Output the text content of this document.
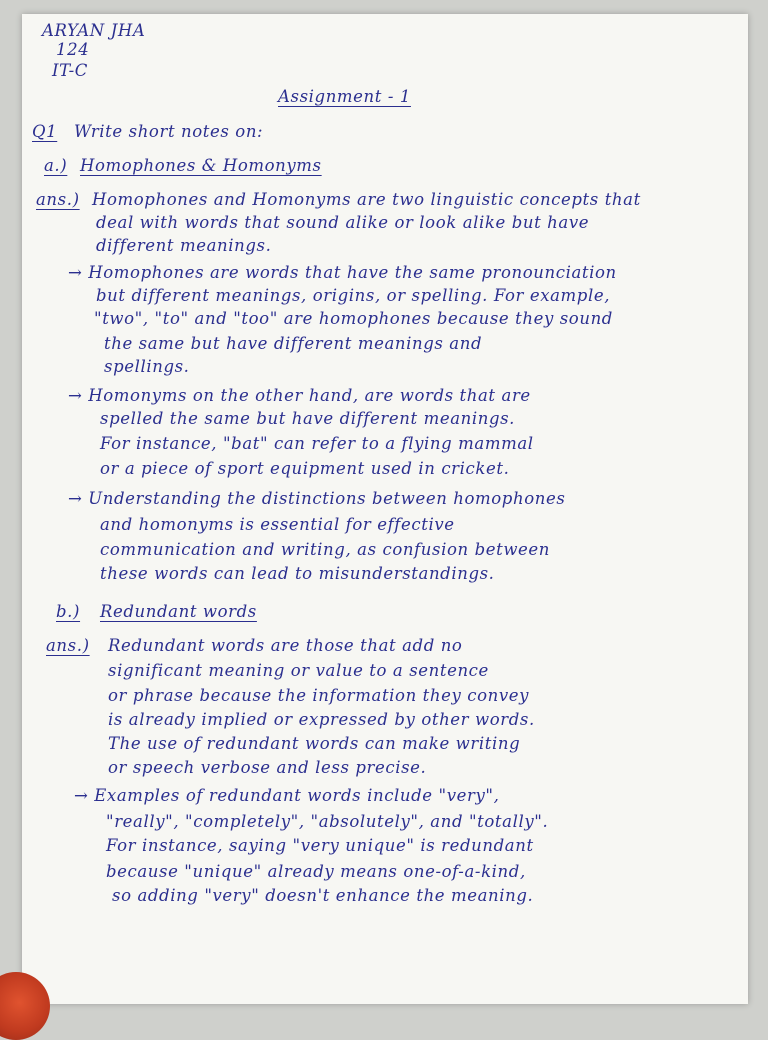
ARYAN JHA
124
IT-C
Assignment - 1
Q1 Write short notes on:
a.) Homophones & Homonyms
ans.) Homophones and Homonyms are two linguistic concepts that
deal with words that sound alike or look alike but have
different meanings.
→ Homophones are words that have the same pronounciation
but different meanings, origins, or spelling. For example,
"two", "to" and "too" are homophones because they sound
the same but have different meanings and
spellings.
→ Homonyms on the other hand, are words that are
spelled the same but have different meanings.
For instance, "bat" can refer to a flying mammal
or a piece of sport equipment used in cricket.
→ Understanding the distinctions between homophones
and homonyms is essential for effective
communication and writing, as confusion between
these words can lead to misunderstandings.
b.) Redundant words
ans.) Redundant words are those that add no
significant meaning or value to a sentence
or phrase because the information they convey
is already implied or expressed by other words.
The use of redundant words can make writing
or speech verbose and less precise.
→ Examples of redundant words include "very",
"really", "completely", "absolutely", and "totally".
For instance, saying "very unique" is redundant
because "unique" already means one-of-a-kind,
so adding "very" doesn't enhance the meaning.
